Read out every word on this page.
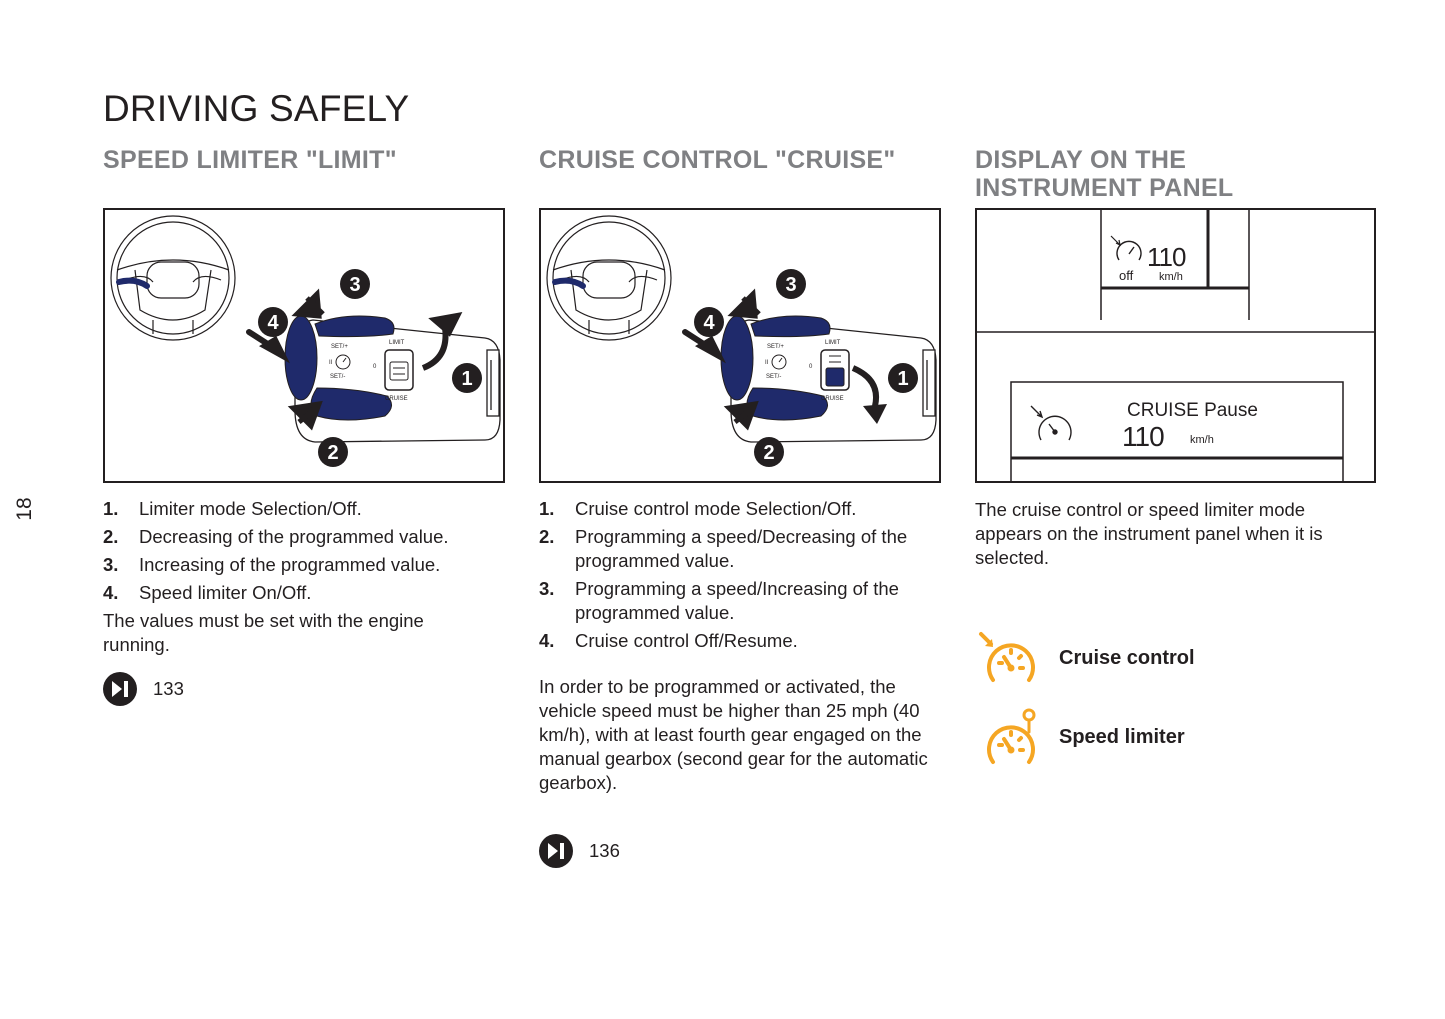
DRIVING SAFELY
18
SPEED LIMITER "LIMIT"	CRUISE CONTROL "CRUISE"	DISPLAY ON THE
INSTRUMENT PANEL
SET/+
SET/-
LIMIT
CRUISE
0
II
1
2
3
4
SET/+
SET/-
LIMIT
CRUISE
0
II
1
2
3
4
110
off km/h
CRUISE Pause
110 km/h
1.	Limiter mode Selection/Off.
2.	Decreasing of the programmed value.
3.	Increasing of the programmed value.
4.	Speed limiter On/Off.

The values must be set with the engine running.

133
1.	Cruise control mode Selection/Off.
2.	Programming a speed/Decreasing of the programmed value.
3.	Programming a speed/Increasing of the programmed value.
4.	Cruise control Off/Resume.

In order to be programmed or activated, the vehicle speed must be higher than 25 mph (40 km/h), with at least fourth gear engaged on the manual gearbox (second gear for the automatic gearbox).

136

The cruise control or speed limiter mode appears on the instrument panel when it is selected.

Cruise control
Speed limiter
